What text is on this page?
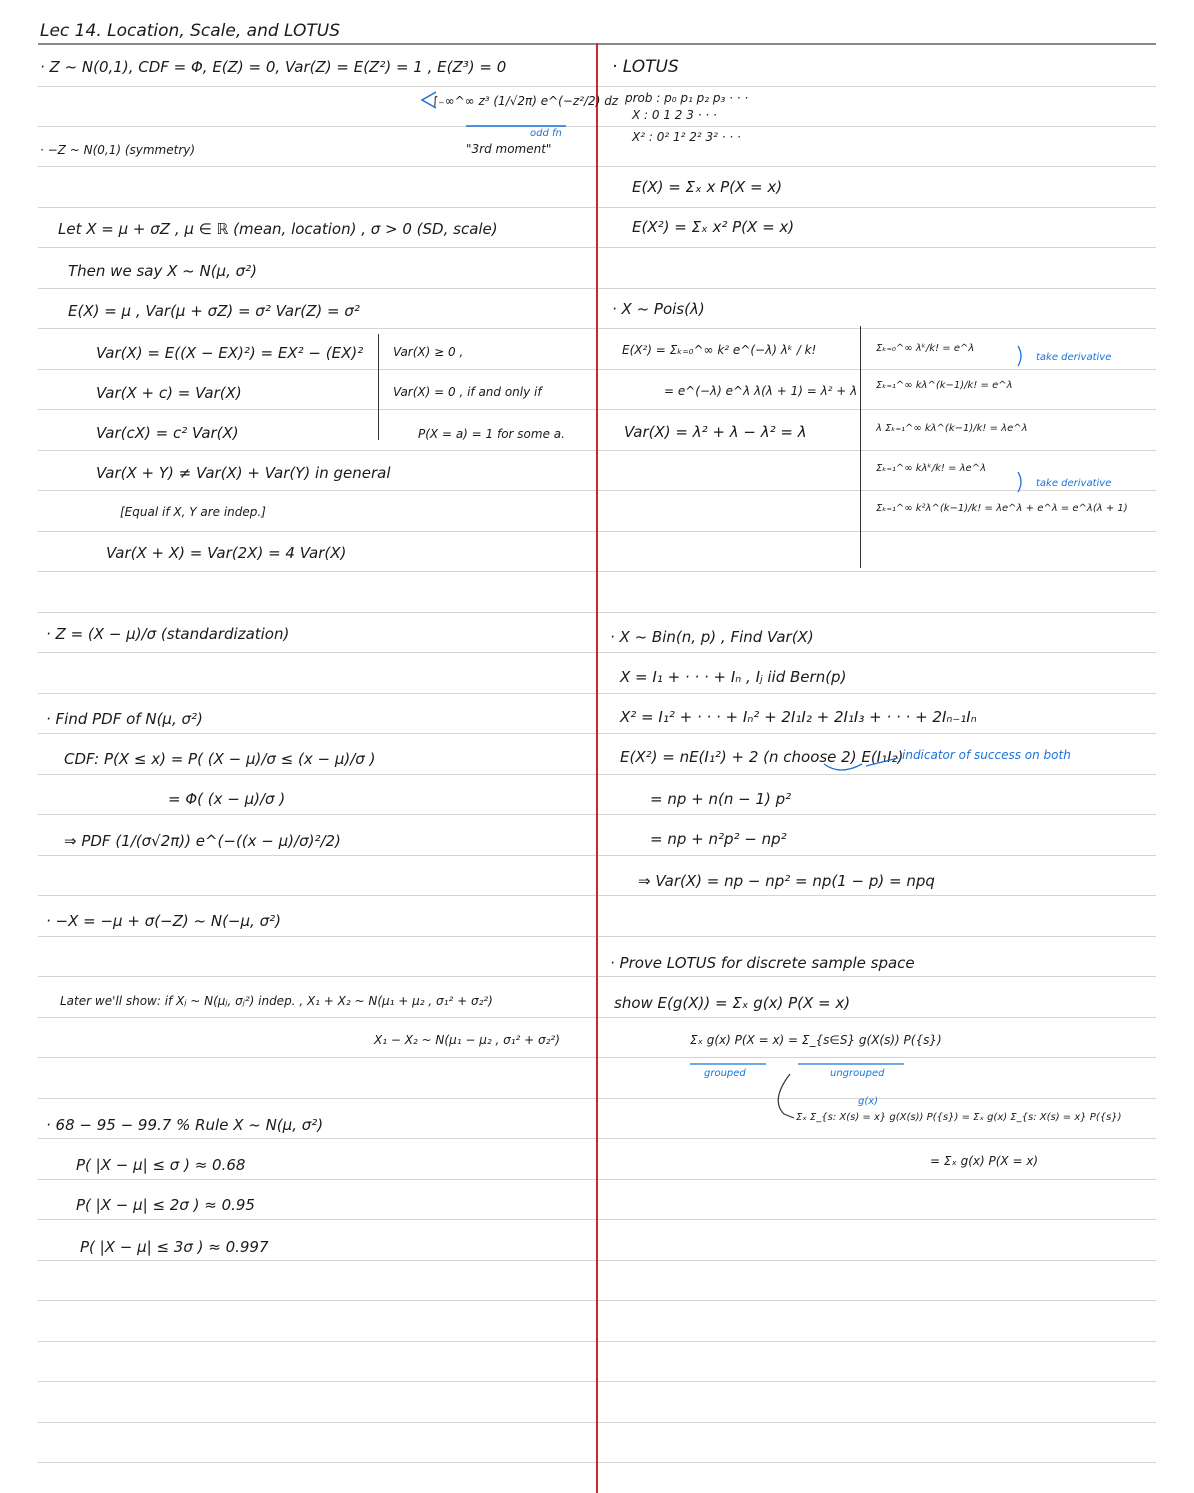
Lec 14. Location, Scale, and LOTUS
· Z ~ N(0,1), CDF = Φ, E(Z) = 0, Var(Z) = E(Z²) = 1 , E(Z³) = 0
∫₋∞^∞ z³ (1/√2π) e^(−z²/2) dz
odd fn
"3rd moment"
· −Z ~ N(0,1) (symmetry)
Let X = μ + σZ , μ ∈ ℝ (mean, location) , σ > 0 (SD, scale)
Then we say X ~ N(μ, σ²)
E(X) = μ , Var(μ + σZ) = σ² Var(Z) = σ²
Var(X) = E((X − EX)²) = EX² − (EX)²
Var(X + c) = Var(X)
Var(cX) = c² Var(X)
Var(X) ≥ 0 ,
Var(X) = 0 , if and only if
P(X = a) = 1 for some a.
Var(X + Y) ≠ Var(X) + Var(Y) in general
[Equal if X, Y are indep.]
Var(X + X) = Var(2X) = 4 Var(X)
· Z = (X − μ)/σ (standardization)
· Find PDF of N(μ, σ²)
CDF: P(X ≤ x) = P( (X − μ)/σ ≤ (x − μ)/σ )
= Φ( (x − μ)/σ )
⇒ PDF (1/(σ√2π)) e^(−((x − μ)/σ)²/2)
· −X = −μ + σ(−Z) ~ N(−μ, σ²)
Later we'll show: if Xⱼ ~ N(μⱼ, σⱼ²) indep. , X₁ + X₂ ~ N(μ₁ + μ₂ , σ₁² + σ₂²)
X₁ − X₂ ~ N(μ₁ − μ₂ , σ₁² + σ₂²)
· 68 − 95 − 99.7 % Rule X ~ N(μ, σ²)
P( |X − μ| ≤ σ ) ≈ 0.68
P( |X − μ| ≤ 2σ ) ≈ 0.95
P( |X − μ| ≤ 3σ ) ≈ 0.997
· LOTUS
prob : p₀ p₁ p₂ p₃ · · ·
X : 0 1 2 3 · · ·
X² : 0² 1² 2² 3² · · ·
E(X) = Σₓ x P(X = x)
E(X²) = Σₓ x² P(X = x)
· X ~ Pois(λ)
E(X²) = Σₖ₌₀^∞ k² e^(−λ) λᵏ / k!
= e^(−λ) e^λ λ(λ + 1) = λ² + λ
Var(X) = λ² + λ − λ² = λ
Σₖ₌₀^∞ λᵏ/k! = e^λ
Σₖ₌₁^∞ kλ^(k−1)/k! = e^λ
λ Σₖ₌₁^∞ kλ^(k−1)/k! = λe^λ
Σₖ₌₁^∞ kλᵏ/k! = λe^λ
Σₖ₌₁^∞ k²λ^(k−1)/k! = λe^λ + e^λ = e^λ(λ + 1)
take derivative
take derivative
· X ~ Bin(n, p) , Find Var(X)
X = I₁ + · · · + Iₙ , Iⱼ iid Bern(p)
X² = I₁² + · · · + Iₙ² + 2I₁I₂ + 2I₁I₃ + · · · + 2Iₙ₋₁Iₙ
E(X²) = nE(I₁²) + 2 (n choose 2) E(I₁I₂)
indicator of success on both
= np + n(n − 1) p²
= np + n²p² − np²
⇒ Var(X) = np − np² = np(1 − p) = npq
· Prove LOTUS for discrete sample space
show E(g(X)) = Σₓ g(x) P(X = x)
Σₓ g(x) P(X = x) = Σ_{s∈S} g(X(s)) P({s})
grouped	ungrouped
g(x)
Σₓ Σ_{s: X(s) = x} g(X(s)) P({s}) = Σₓ g(x) Σ_{s: X(s) = x} P({s})
= Σₓ g(x) P(X = x)
